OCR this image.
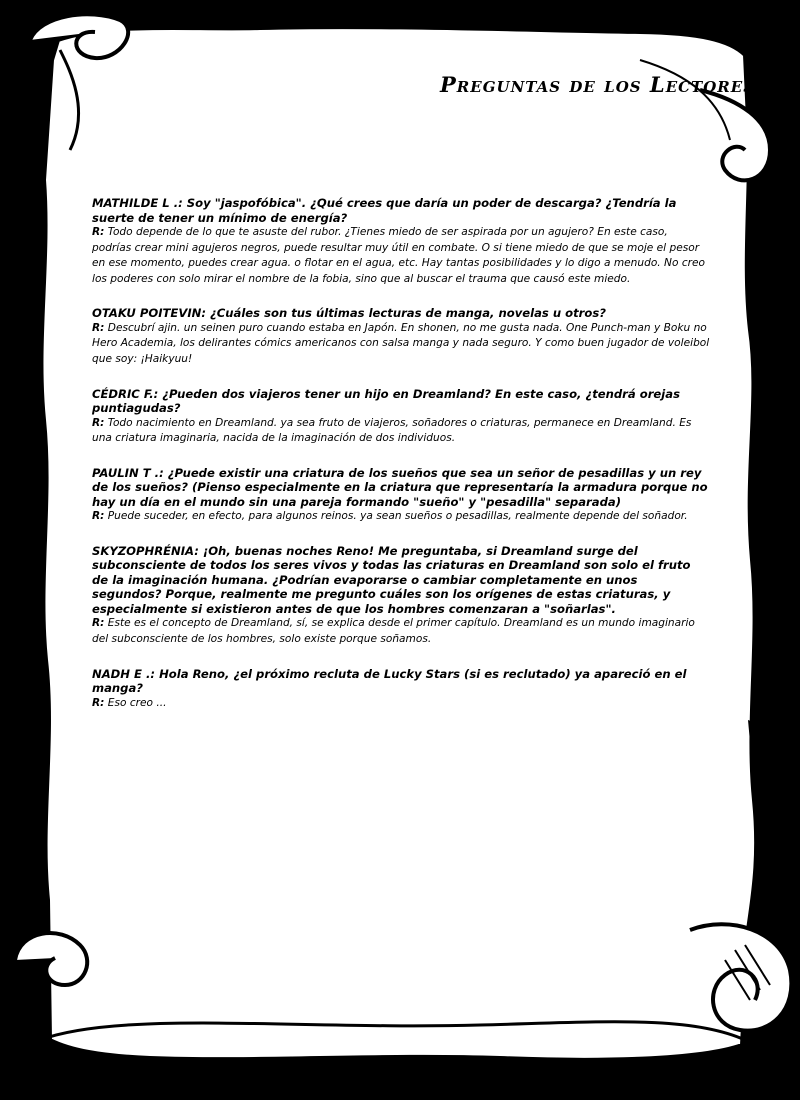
Preguntas de los Lectores
MATHILDE L .: Soy "jaspofóbica". ¿Qué crees que daría un poder de descarga? ¿Tendría la suerte de tener un mínimo de energía?
R: Todo depende de lo que te asuste del rubor. ¿Tienes miedo de ser aspirada por un agujero? En este caso, podrías crear mini agujeros negros, puede resultar muy útil en combate. O si tiene miedo de que se moje el pesor en ese momento, puedes crear agua. o flotar en el agua, etc. Hay tantas posibilidades y lo digo a menudo. No creo los poderes con solo mirar el nombre de la fobia, sino que al buscar el trauma que causó este miedo.
OTAKU POITEVIN: ¿Cuáles son tus últimas lecturas de manga, novelas u otros?
R: Descubrí ajin. un seinen puro cuando estaba en Japón. En shonen, no me gusta nada. One Punch-man y Boku no Hero Academia, los delirantes cómics americanos con salsa manga y nada seguro. Y como buen jugador de voleibol que soy: ¡Haikyuu!
CÉDRIC F.: ¿Pueden dos viajeros tener un hijo en Dreamland? En este caso, ¿tendrá orejas puntiagudas?
R: Todo nacimiento en Dreamland. ya sea fruto de viajeros, soñadores o criaturas, permanece en Dreamland. Es una criatura imaginaria, nacida de la imaginación de dos individuos.
PAULIN T .: ¿Puede existir una criatura de los sueños que sea un señor de pesadillas y un rey de los sueños? (Pienso especialmente en la criatura que representaría la armadura porque no hay un día en el mundo sin una pareja formando "sueño" y "pesadilla" separada)
R: Puede suceder, en efecto, para algunos reinos. ya sean sueños o pesadillas, realmente depende del soñador.
SKYZOPHRÉNIA: ¡Oh, buenas noches Reno! Me preguntaba, si Dreamland surge del subconsciente de todos los seres vivos y todas las criaturas en Dreamland son solo el fruto de la imaginación humana. ¿Podrían evaporarse o cambiar completamente en unos segundos? Porque, realmente me pregunto cuáles son los orígenes de estas criaturas, y especialmente si existieron antes de que los hombres comenzaran a "soñarlas".
R: Este es el concepto de Dreamland, sí, se explica desde el primer capítulo. Dreamland es un mundo imaginario del subconsciente de los hombres, solo existe porque soñamos.
NADH E .: Hola Reno, ¿el próximo recluta de Lucky Stars (si es reclutado) ya apareció en el manga?
R: Eso creo ...
